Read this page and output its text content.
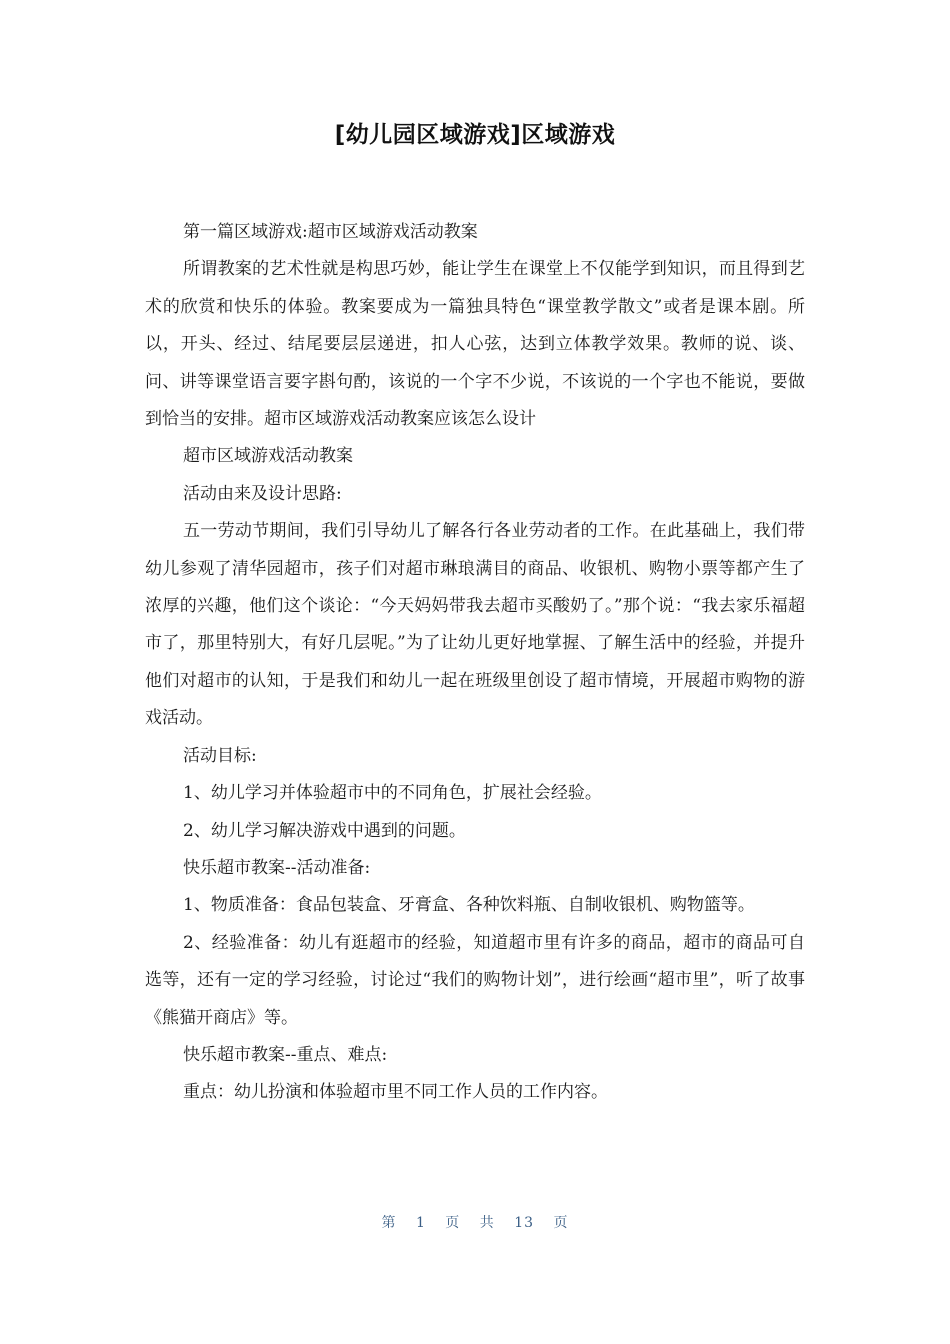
[幼儿园区域游戏]区域游戏

第一篇区域游戏:超市区域游戏活动教案

所谓教案的艺术性就是构思巧妙，能让学生在课堂上不仅能学到知识，而且得到艺术的欣赏和快乐的体验。教案要成为一篇独具特色“课堂教学散文”或者是课本剧。所以，开头、经过、结尾要层层递进，扣人心弦，达到立体教学效果。教师的说、谈、问、讲等课堂语言要字斟句酌，该说的一个字不少说，不该说的一个字也不能说，要做到恰当的安排。超市区域游戏活动教案应该怎么设计

超市区域游戏活动教案

活动由来及设计思路:

五一劳动节期间，我们引导幼儿了解各行各业劳动者的工作。在此基础上，我们带幼儿参观了清华园超市，孩子们对超市琳琅满目的商品、收银机、购物小票等都产生了浓厚的兴趣，他们这个谈论：“今天妈妈带我去超市买酸奶了。”那个说：“我去家乐福超市了，那里特别大，有好几层呢。”为了让幼儿更好地掌握、了解生活中的经验，并提升他们对超市的认知，于是我们和幼儿一起在班级里创设了超市情境，开展超市购物的游戏活动。

活动目标:

1、幼儿学习并体验超市中的不同角色，扩展社会经验。

2、幼儿学习解决游戏中遇到的问题。

快乐超市教案--活动准备:

1、物质准备：食品包装盒、牙膏盒、各种饮料瓶、自制收银机、购物篮等。

2、经验准备：幼儿有逛超市的经验，知道超市里有许多的商品，超市的商品可自选等，还有一定的学习经验，讨论过“我们的购物计划”，进行绘画“超市里”，听了故事《熊猫开商店》等。

快乐超市教案--重点、难点:

重点：幼儿扮演和体验超市里不同工作人员的工作内容。

第 1 页 共 13 页
